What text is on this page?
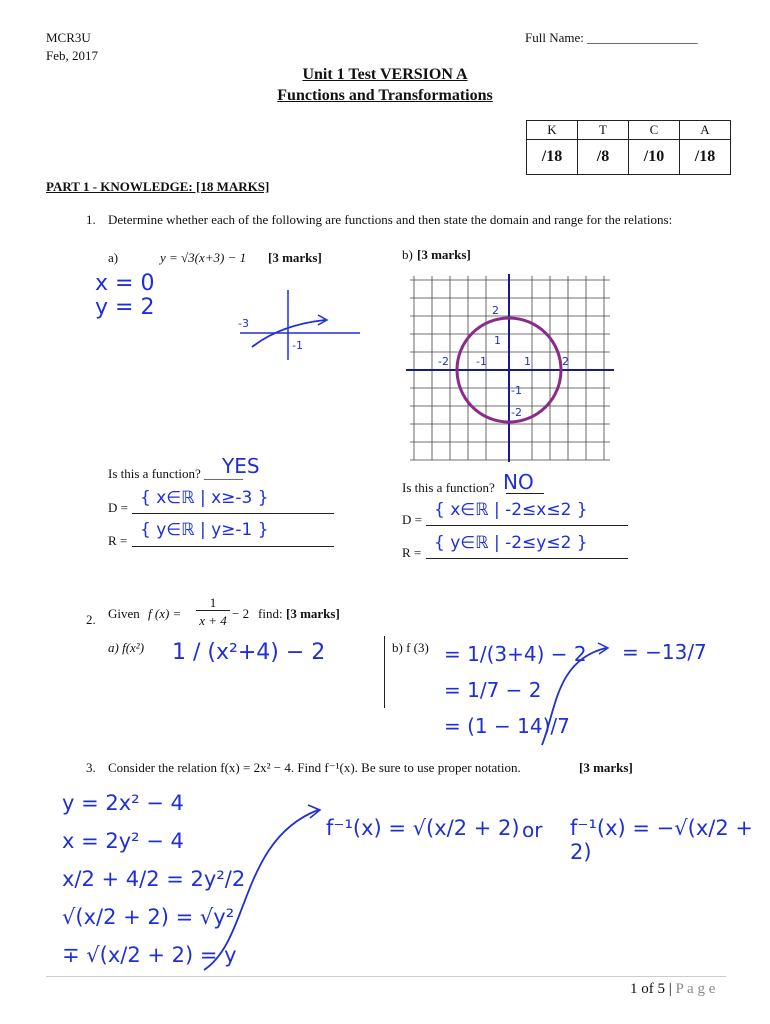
MCR3U
Feb, 2017
Full Name: _________________
Unit 1 Test VERSION A
Functions and Transformations
K	T	C	A
/18	/8	/10	/18
PART 1 - KNOWLEDGE: [18 MARKS]
1. Determine whether each of the following are functions and then state the domain and range for the relations:
a)	y = √3(x+3) − 1 [3 marks]	b) [3 marks]
x = 0
y = 2
-3
-1
2
1
-2 -1	1	2
-1
-2
Is this a function? ______
YES
D = { x∈ℝ | x≥-3 }
R =
{ y∈ℝ | y≥-1 }
Is this a function? NO
D = { x∈ℝ | -2≤x≤2 }
R = { y∈ℝ | -2≤y≤2 }
2. Given f (x) =
1
x + 4 − 2 find: [3 marks]
a) f(x²) 1 / (x²+4) − 2	b) f (3) = 1/(3+4) − 2
= 1/7 − 2
= (1 − 14)/7
= −13/7
3. Consider the relation f(x) = 2x² − 4. Find f⁻¹(x). Be sure to use proper notation.	[3 marks]
y = 2x² − 4
x = 2y² − 4
x/2 + 4/2 = 2y²/2
√(x/2 + 2) = √y²
∓ √(x/2 + 2) = y
f⁻¹(x) = √(x/2 + 2) or f⁻¹(x) = −√(x/2 + 2)
1 of 5 | P a g e
